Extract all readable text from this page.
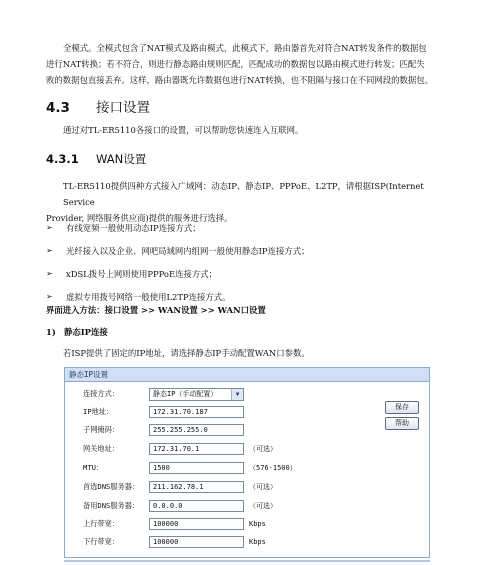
全模式。全模式包含了NAT模式及路由模式，此模式下，路由器首先对符合NAT转发条件的数据包
进行NAT转换；若不符合，则进行静态路由规则匹配，匹配成功的数据包以路由模式进行转发；匹配失
败的数据包直接丢弃。这样，路由器既允许数据包进行NAT转换，也不阻隔与接口在不同网段的数据包。
4.3 接口设置
通过对TL-ER5110各接口的设置，可以帮助您快速连入互联网。
4.3.1 WAN设置
TL-ER5110提供四种方式接入广域网：动态IP、静态IP、PPPoE、L2TP，请根据ISP(Internet Service
Provider, 网络服务供应商)提供的服务进行选择。
➢	有线宽频一般使用动态IP连接方式；
➢	光纤接入以及企业、网吧局域网内组网一般使用静态IP连接方式；
➢	xDSL拨号上网则使用PPPoE连接方式；
➢	虚拟专用拨号网络一般使用L2TP连接方式。
界面进入方法：接口设置 >> WAN设置 >> WAN口设置
1) 静态IP连接
若ISP提供了固定的IP地址，请选择静态IP手动配置WAN口参数。
静态IP设置
连接方式：	静态IP（手动配置）	▼
IP地址：	172.31.70.187
子网掩码：	255.255.255.0
网关地址：	172.31.70.1	（可选）
MTU：	1500	（576-1500）
首选DNS服务器：	211.162.78.1	（可选）
备用DNS服务器：	0.0.0.0	（可选）
上行带宽：	100000	Kbps
下行带宽：	100000	Kbps
保存
帮助
